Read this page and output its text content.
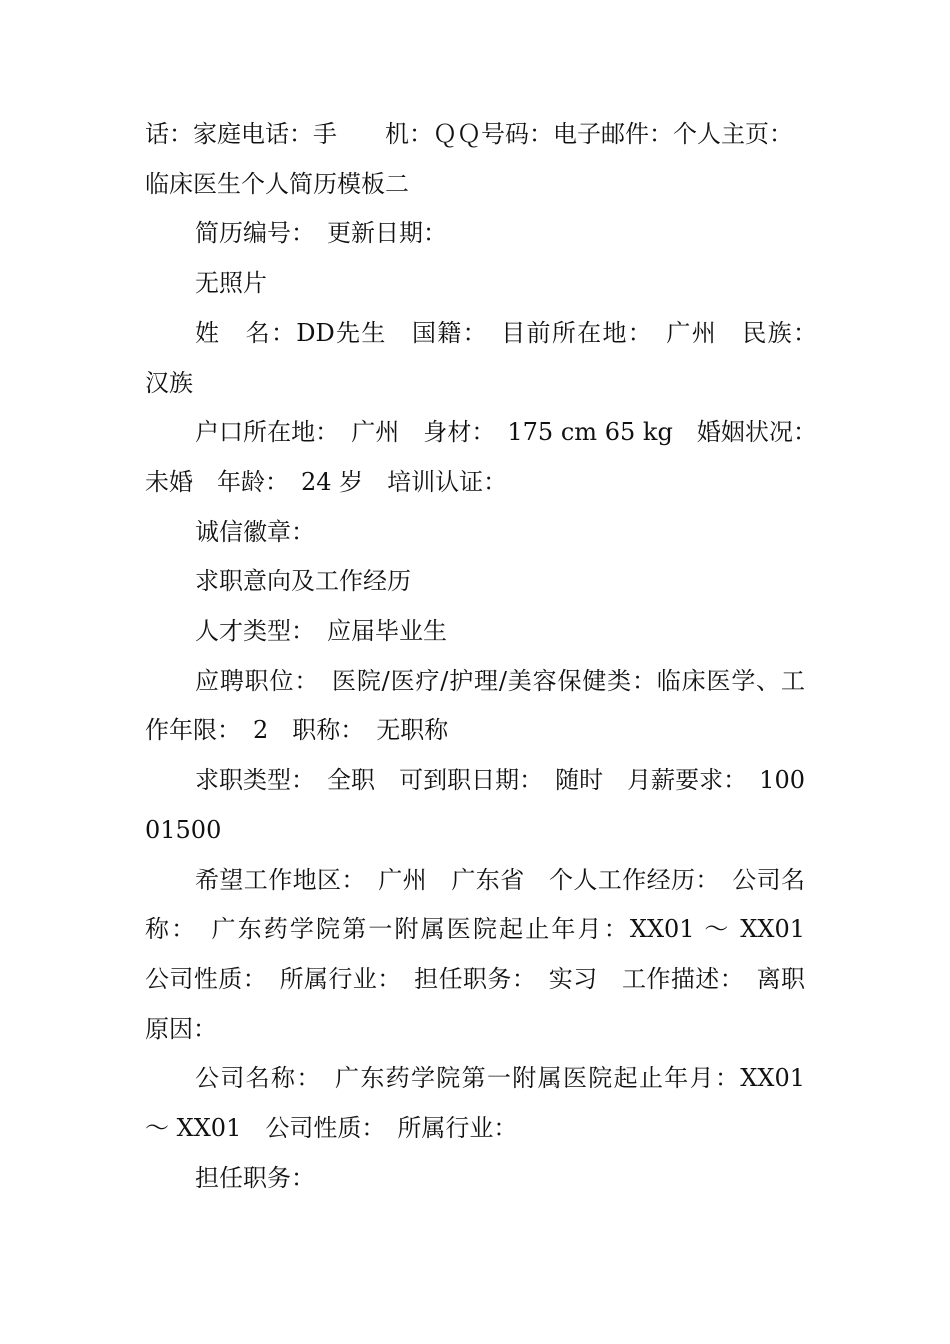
话：家庭电话：手　　机：ＱＱ号码：电子邮件：个人主页：

临床医生个人简历模板二

简历编号：　更新日期：

无照片

姓　名：DD先生　国籍：　目前所在地：　广州　民族：　汉族

户口所在地：　广州　身材：　175 cm 65 kg　婚姻状况：　未婚　年龄：　24 岁　培训认证：

诚信徽章：

求职意向及工作经历

人才类型：　应届毕业生

应聘职位：　医院/医疗/护理/美容保健类：临床医学、工作年限：　2　职称：　无职称

求职类型：　全职　可到职日期：　随时　月薪要求：　10001500

希望工作地区：　广州　广东省　个人工作经历：　公司名称：　广东药学院第一附属医院起止年月：XX01 ～ XX01　公司性质：　所属行业：　担任职务：　实习　工作描述：　离职原因：

公司名称：　广东药学院第一附属医院起止年月：XX01 ～ XX01　公司性质：　所属行业：

担任职务：
